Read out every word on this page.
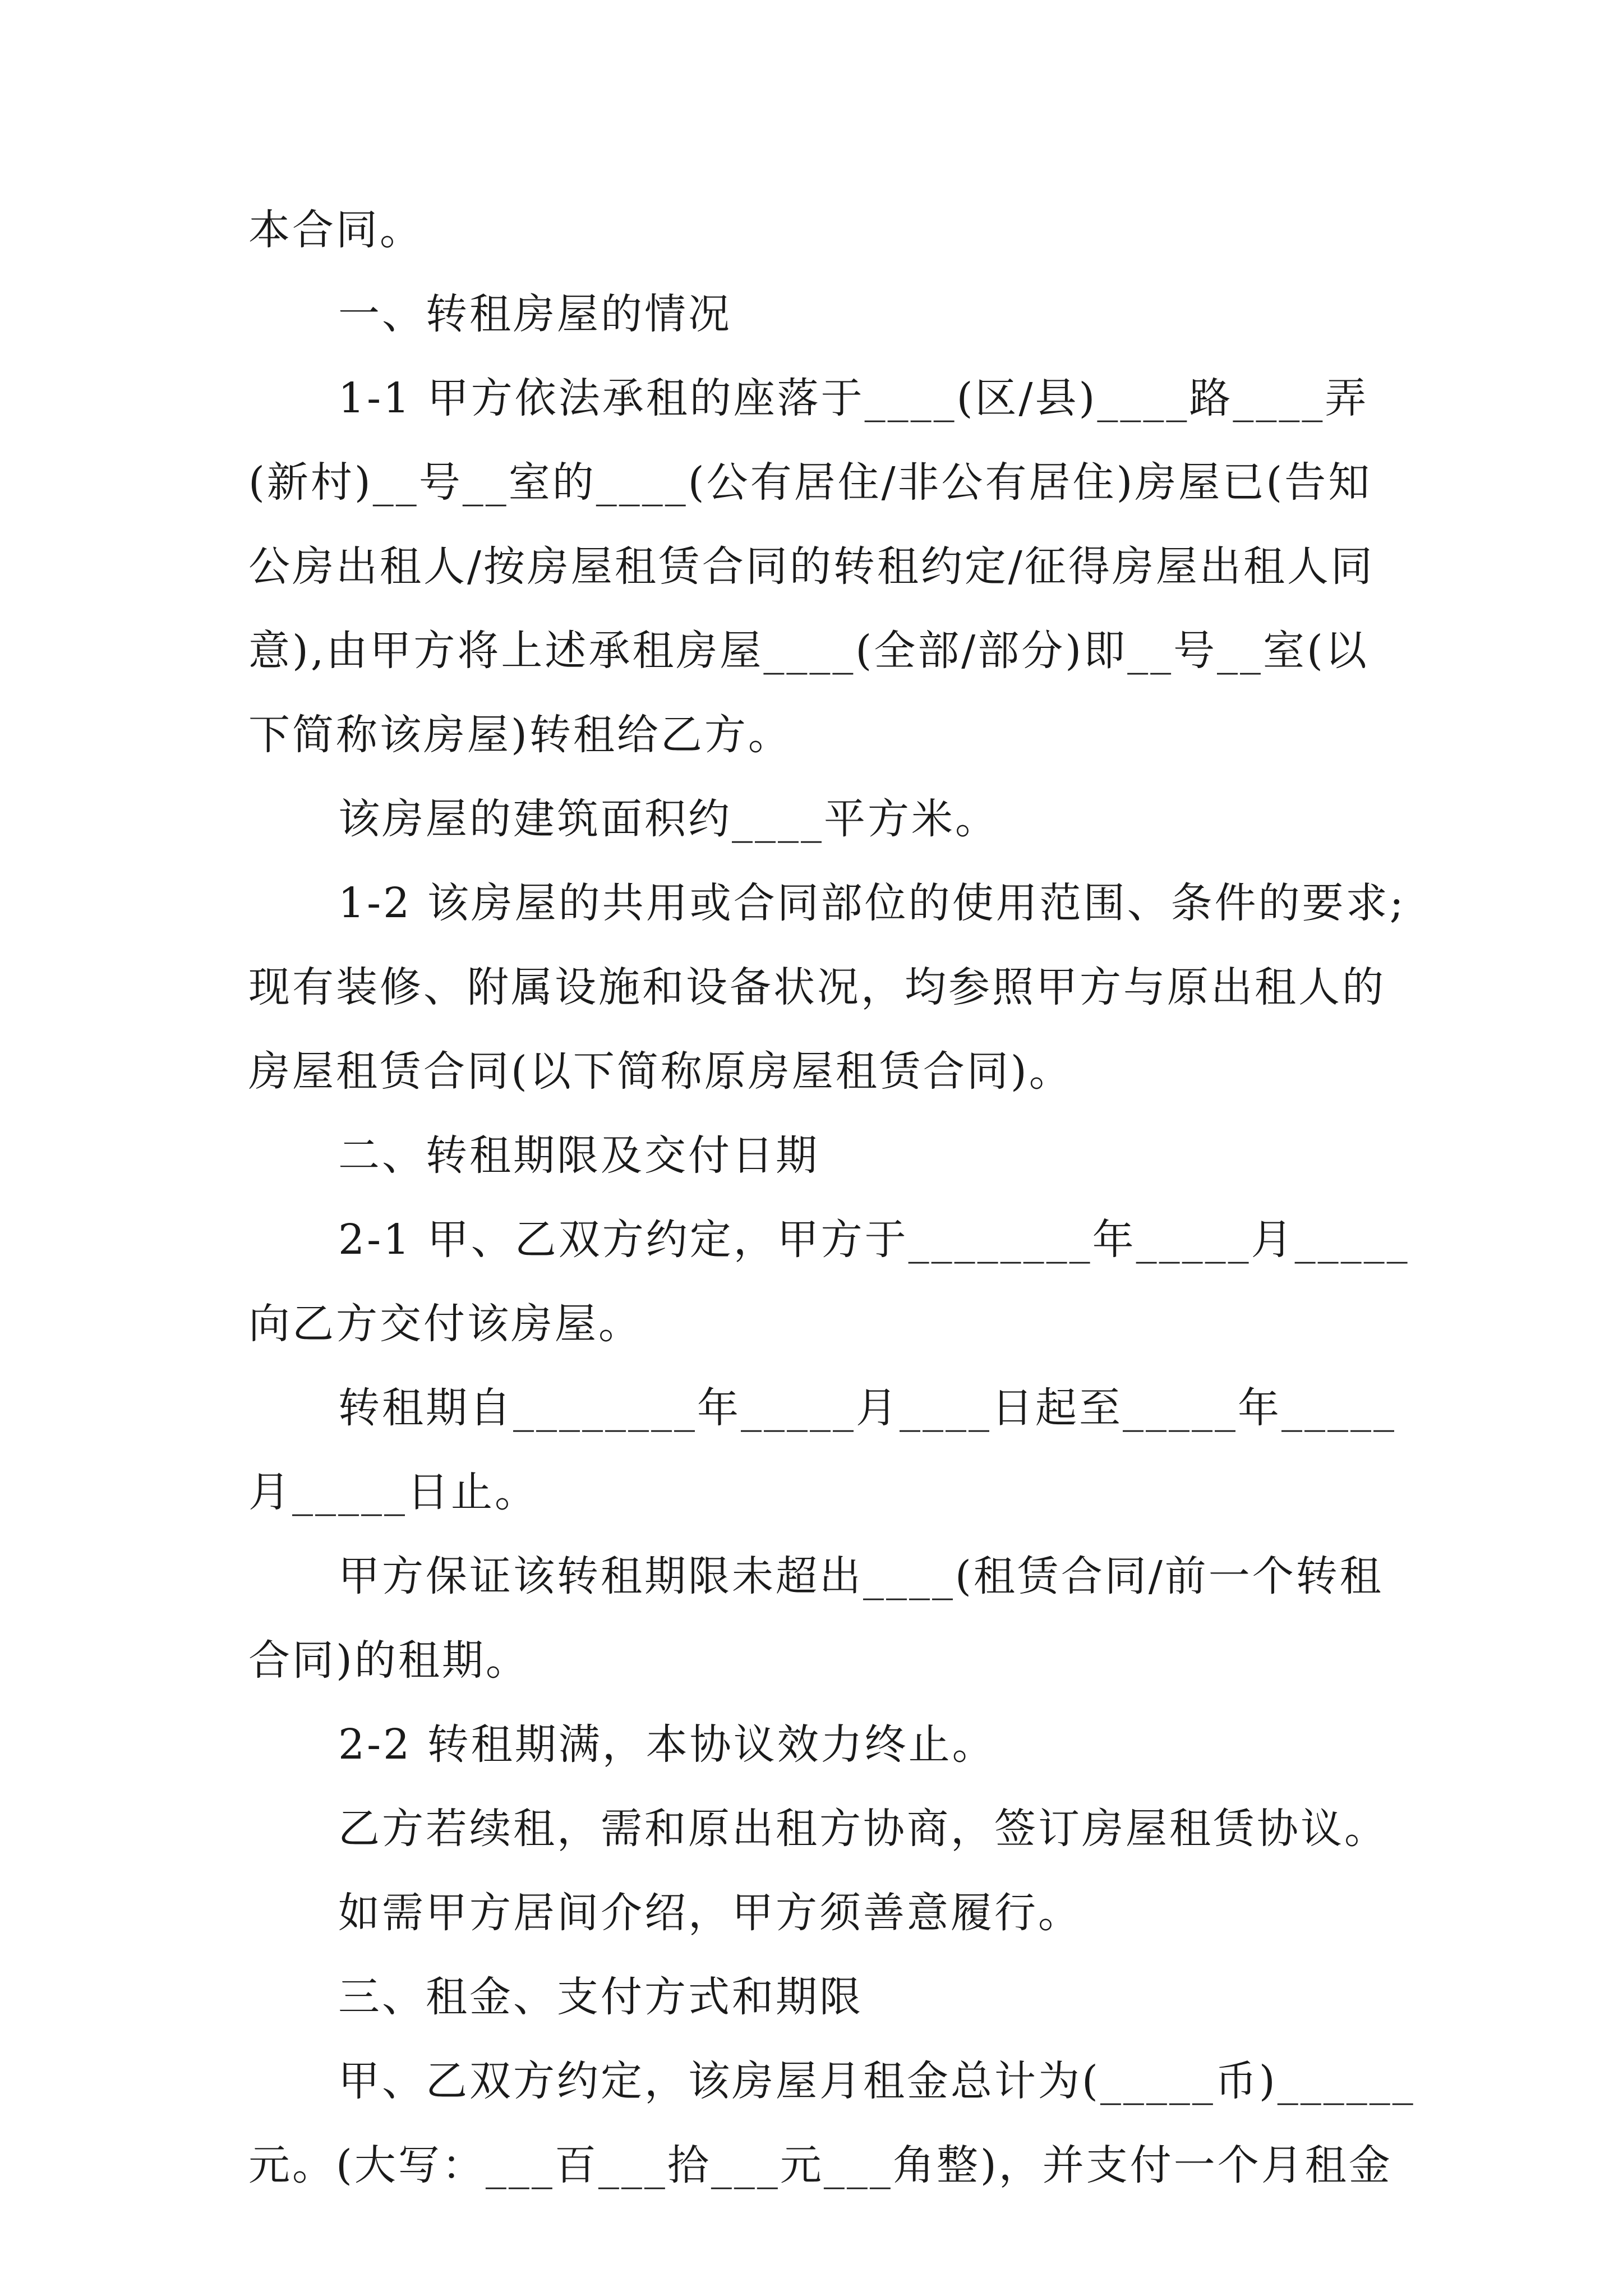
本合同。
一、转租房屋的情况
1-1 甲方依法承租的座落于____(区/县)____路____弄
(新村)__号__室的____(公有居住/非公有居住)房屋已(告知
公房出租人/按房屋租赁合同的转租约定/征得房屋出租人同
意),由甲方将上述承租房屋____(全部/部分)即__号__室(以
下简称该房屋)转租给乙方。
该房屋的建筑面积约____平方米。
1-2 该房屋的共用或合同部位的使用范围、条件的要求;
现有装修、附属设施和设备状况，均参照甲方与原出租人的
房屋租赁合同(以下简称原房屋租赁合同)。
二、转租期限及交付日期
2-1 甲、乙双方约定，甲方于________年_____月_____
向乙方交付该房屋。
转租期自________年_____月____日起至_____年_____
月_____日止。
甲方保证该转租期限未超出____(租赁合同/前一个转租
合同)的租期。
2-2 转租期满，本协议效力终止。
乙方若续租，需和原出租方协商，签订房屋租赁协议。
如需甲方居间介绍，甲方须善意履行。
三、租金、支付方式和期限
甲、乙双方约定，该房屋月租金总计为(_____币)______
元。(大写：___百___拾___元___角整)，并支付一个月租金
